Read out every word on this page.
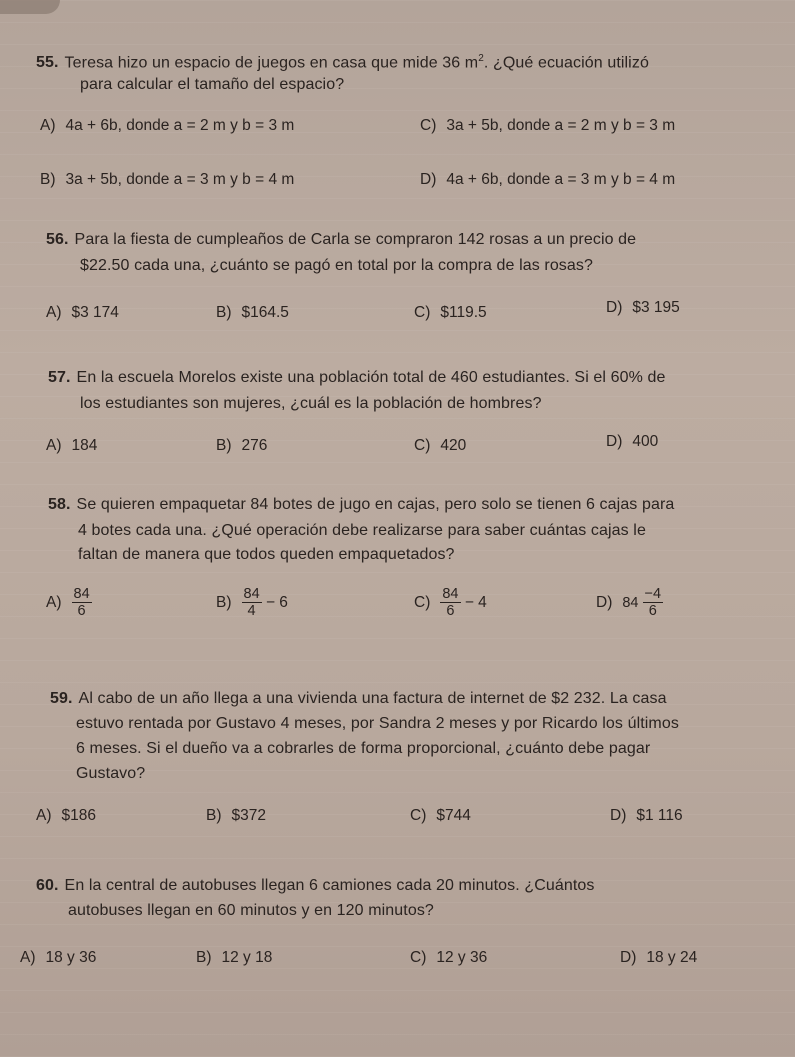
55. Teresa hizo un espacio de juegos en casa que mide 36 $m^2$. ¿Qué ecuación utilizó
para calcular el tamaño del espacio?
A) 4a + 6b, donde a = 2 m y b = 3 m	C) 3a + 5b, donde a = 2 m y b = 3 m
B) 3a + 5b, donde a = 3 m y b = 4 m	D) 4a + 6b, donde a = 3 m y b = 4 m
56. Para la fiesta de cumpleaños de Carla se compraron 142 rosas a un precio de
$22.50 cada una, ¿cuánto se pagó en total por la compra de las rosas?
A) $3 174	B) $164.5	C) $119.5	D) $3 195
57. En la escuela Morelos existe una población total de 460 estudiantes. Si el 60% de
los estudiantes son mujeres, ¿cuál es la población de hombres?
A) 184	B) 276	C) 420	D) 400
58. Se quieren empaquetar 84 botes de jugo en cajas, pero solo se tienen 6 cajas para
4 botes cada una. ¿Qué operación debe realizarse para saber cuántas cajas le
faltan de manera que todos queden empaquetados?
$A) \frac{84}{6}$	$B) \frac{84}{4} - 6$	$C) \frac{84}{6} - 4$	D) $84 \frac{-4}{6}$
59. Al cabo de un año llega a una vivienda una factura de internet de $2 232. La casa
estuvo rentada por Gustavo 4 meses, por Sandra 2 meses y por Ricardo los últimos
6 meses. Si el dueño va a cobrarles de forma proporcional, ¿cuánto debe pagar
Gustavo?
A) $186	B) $372	C) $744	D) $1 116
60. En la central de autobuses llegan 6 camiones cada 20 minutos. ¿Cuántos
autobuses llegan en 60 minutos y en 120 minutos?
A) 18 y 36	B) 12 y 18	C) 12 y 36	D) 18 y 24
